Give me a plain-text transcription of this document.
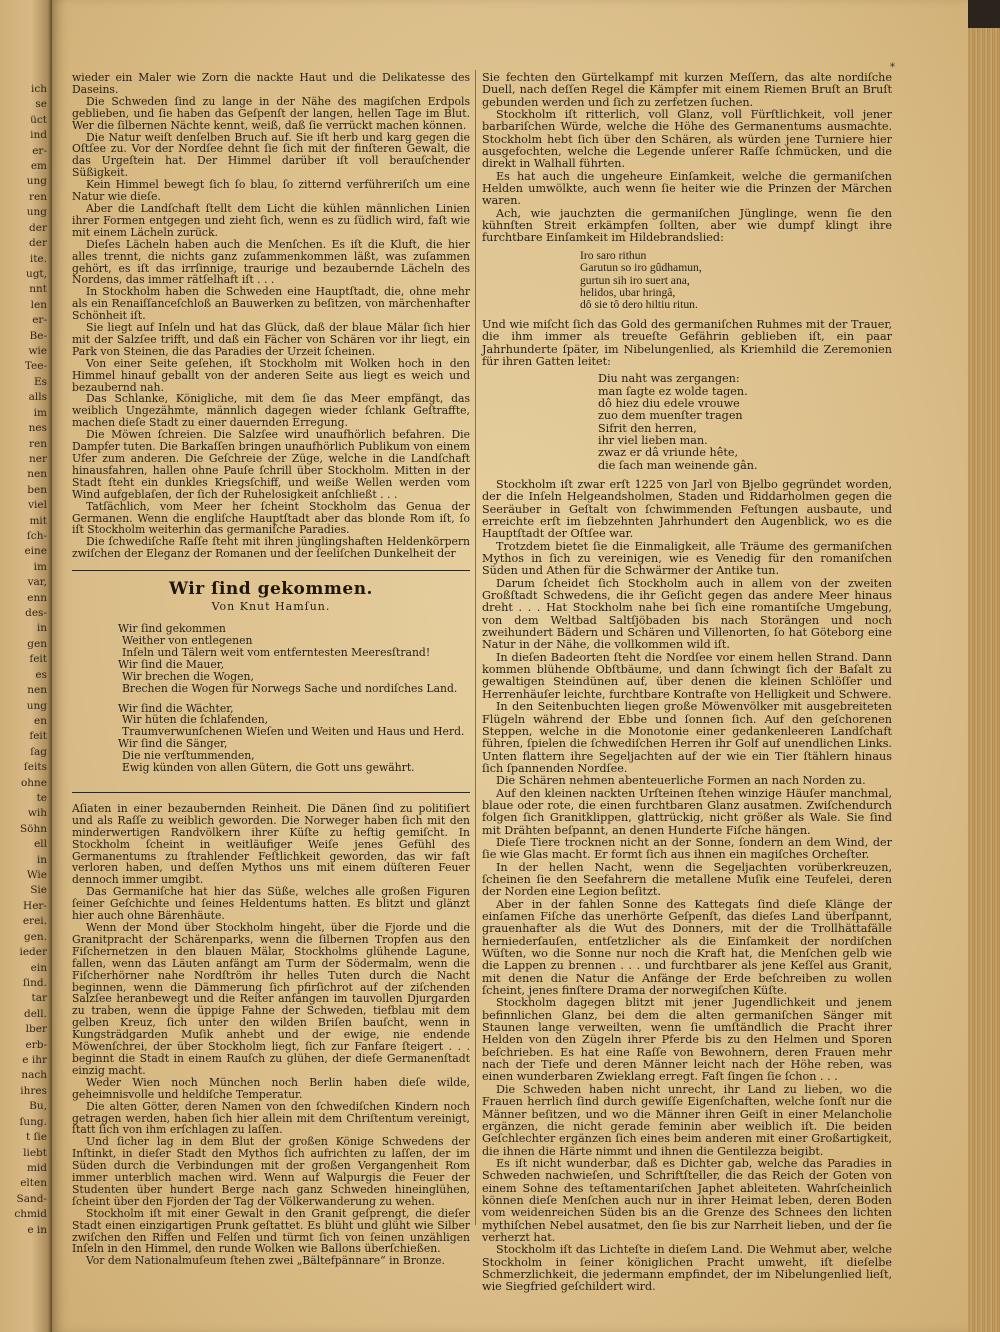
ich
se
üct
ind
er-
em
ung
ren
ung
der
der
ite.
ugt,
nnt
len
er-
Be-
wie
Tee-
Es
alls
im
nes
ren
ner
nen
ben
viel
mit
ſch-
eine
im
var,
enn
des-
in
gen
feit
es
nen
ung
en
feit
ſag
ſeits
ohne
te
wih
Söhn
ell
in
Wie
Sie
Her-
erei.
gen.
ieder
ein
ſind.
tar
dell.
lber
erb-
e ihr
nach
ihres
Bu,
ſung.
t ſie
liebt
mid
elten
Sand-
chmid
e in
*

wieder ein Maler wie Zorn die nackte Haut und die Delikatesse des Daseins.

Die Schweden ſind zu lange in der Nähe des magiſchen Erdpols geblieben, und ſie haben das Geſpenſt der langen, hellen Tage im Blut. Wer die ſilbernen Nächte kennt, weiß, daß ſie verrückt machen können.

Die Natur weiſt denſelben Bruch auf. Sie iſt herb und karg gegen die Oſtſee zu. Vor der Nordſee dehnt ſie ſich mit der finſteren Gewalt, die das Urgeſtein hat. Der Himmel darüber iſt voll berauſchender Süßigkeit.

Kein Himmel bewegt ſich ſo blau, ſo zitternd verführeriſch um eine Natur wie dieſe.

Aber die Landſchaft ſtellt dem Licht die kühlen männlichen Linien ihrer Formen entgegen und zieht ſich, wenn es zu ſüdlich wird, faſt wie mit einem Lächeln zurück.

Dieſes Lächeln haben auch die Menſchen. Es iſt die Kluft, die hier alles trennt, die nichts ganz zuſammenkommen läßt, was zuſammen gehört, es iſt das irrſinnige, traurige und bezaubernde Lächeln des Nordens, das immer rätſelhaft iſt . . .

In Stockholm haben die Schweden eine Hauptſtadt, die, ohne mehr als ein Renaiſſanceſchloß an Bauwerken zu beſitzen, von märchenhafter Schönheit iſt.

Sie liegt auf Inſeln und hat das Glück, daß der blaue Mälar ſich hier mit der Salzſee trifft, und daß ein Fächer von Schären vor ihr liegt, ein Park von Steinen, die das Paradies der Urzeit ſcheinen.

Von einer Seite geſehen, iſt Stockholm mit Wolken hoch in den Himmel hinauf geballt von der anderen Seite aus liegt es weich und bezaubernd nah.

Das Schlanke, Königliche, mit dem ſie das Meer empfängt, das weiblich Ungezähmte, männlich dagegen wieder ſchlank Geſtraffte, machen dieſe Stadt zu einer dauernden Erregung.

Die Möwen ſchreien. Die Salzſee wird unaufhörlich befahren. Die Dampfer tuten. Die Barkaſſen bringen unaufhörlich Publikum von einem Ufer zum anderen. Die Geſchreie der Züge, welche in die Landſchaft hinausfahren, hallen ohne Pauſe ſchrill über Stockholm. Mitten in der Stadt ſteht ein dunkles Kriegsſchiff, und weiße Wellen werden vom Wind aufgeblaſen, der ſich der Ruhelosigkeit anſchließt . . .

Tatſächlich, vom Meer her ſcheint Stockholm das Genua der Germanen. Wenn die engliſche Hauptſtadt aber das blonde Rom iſt, ſo iſt Stockholm weiterhin das germaniſche Paradies.

Die ſchwediſche Raſſe ſteht mit ihren jünglingshaften Heldenkörpern zwiſchen der Eleganz der Romanen und der ſeeliſchen Dunkelheit der

Wir ſind gekommen.
Von Knut Hamſun.
Wir ſind gekommen
Weither von entlegenen
Inſeln und Tälern weit vom entferntesten Meeresſtrand!
Wir ſind die Mauer,
Wir brechen die Wogen,
Brechen die Wogen für Norwegs Sache und nordiſches Land.
Wir ſind die Wächter,
Wir hüten die ſchlafenden,
Traumverwunſchenen Wieſen und Weiten und Haus und Herd.
Wir ſind die Sänger,
Die nie verſtummenden,
Ewig künden von allen Gütern, die Gott uns gewährt.

Aſiaten in einer bezaubernden Reinheit. Die Dänen ſind zu politiſiert und als Raſſe zu weiblich geworden. Die Norweger haben ſich mit den minderwertigen Randvölkern ihrer Küſte zu heftig gemiſcht. In Stockholm ſcheint in weitläufiger Weiſe jenes Gefühl des Germanentums zu ſtrahlender Feſtlichkeit geworden, das wir faſt verloren haben, und deſſen Mythos uns mit einem düſteren Feuer dennoch immer umgibt.

Das Germaniſche hat hier das Süße, welches alle großen Figuren ſeiner Geſchichte und ſeines Heldentums hatten. Es blitzt und glänzt hier auch ohne Bärenhäute.

Wenn der Mond über Stockholm hingeht, über die Fjorde und die Granitpracht der Schärenparks, wenn die ſilbernen Tropfen aus den Fiſchernetzen in den blauen Mälar, Stockholms glühende Lagune, fallen, wenn das Läuten anfängt am Turm der Södermalm, wenn die Fiſcherhörner nahe Nordſtröm ihr helles Tuten durch die Nacht beginnen, wenn die Dämmerung ſich pfirſichrot auf der ziſchenden Salzſee heranbewegt und die Reiter anfangen im tauvollen Djurgarden zu traben, wenn die üppige Fahne der Schweden, tiefblau mit dem gelben Kreuz, ſich unter den wilden Briſen bauſcht, wenn in Kungsträdgarden Muſik anhebt und der ewige, nie endende Möwenſchrei, der über Stockholm liegt, ſich zur Fanfare ſteigert . . . beginnt die Stadt in einem Rauſch zu glühen, der dieſe Germanenſtadt einzig macht.

Weder Wien noch München noch Berlin haben dieſe wilde, geheimnisvolle und heldiſche Temperatur.

Die alten Götter, deren Namen von den ſchwediſchen Kindern noch getragen werden, haben ſich hier allein mit dem Chriſtentum vereinigt, ſtatt ſich von ihm erſchlagen zu laſſen.

Und ſicher lag in dem Blut der großen Könige Schwedens der Inſtinkt, in dieſer Stadt den Mythos ſich aufrichten zu laſſen, der im Süden durch die Verbindungen mit der großen Vergangenheit Rom immer unterblich machen wird. Wenn auf Walpurgis die Feuer der Studenten über hundert Berge nach ganz Schweden hineinglühen, ſcheint über den Fjorden der Tag der Völkerwanderung zu wehen.

Stockholm iſt mit einer Gewalt in den Granit geſprengt, die dieſer Stadt einen einzigartigen Prunk geſtattet. Es blüht und glüht wie Silber zwiſchen den Riffen und Felſen und türmt ſich von ſeinen unzähligen Inſeln in den Himmel, den runde Wolken wie Ballons überſchießen.

Vor dem Nationalmuſeum ſtehen zwei „Bältefpännare“ in Bronze.

Sie fechten den Gürtelkampf mit kurzen Meſſern, das alte nordiſche Duell, nach deſſen Regel die Kämpfer mit einem Riemen Bruſt an Bruſt gebunden werden und ſich zu zerfetzen ſuchen.

Stockholm iſt ritterlich, voll Glanz, voll Fürſtlichkeit, voll jener barbariſchen Würde, welche die Höhe des Germanentums ausmachte. Stockholm hebt ſich über den Schären, als würden jene Turniere hier ausgefochten, welche die Legende unſerer Raſſe ſchmücken, und die direkt in Walhall führten.

Es hat auch die ungeheure Einſamkeit, welche die germaniſchen Helden umwölkte, auch wenn ſie heiter wie die Prinzen der Märchen waren.

Ach, wie jauchzten die germaniſchen Jünglinge, wenn ſie den kühnſten Streit erkämpfen ſollten, aber wie dumpf klingt ihre furchtbare Einſamkeit im Hildebrandslied:

Iro saro rithun
Garutun so iro gûdhamun,
gurtun sih iro suert ana,
helidos, ubar hringâ,
dô sie tô dero hiltiu ritun.

Und wie miſcht ſich das Gold des germaniſchen Ruhmes mit der Trauer, die ihm immer als treueſte Gefährin geblieben iſt, ein paar Jahrhunderte ſpäter, im Nibelungenlied, als Kriemhild die Zeremonien für ihren Gatten leitet:

Diu naht was zergangen:
man ſagte ez wolde tagen.
dô hiez diu edele vrouwe
zuo dem muenſter tragen
Sifrit den herren,
ihr viel lieben man.
zwaz er dâ vriunde hête,
die ſach man weinende gân.

Stockholm iſt zwar erſt 1225 von Jarl von Bjelbo gegründet worden, der die Inſeln Helgeandsholmen, Staden und Riddarholmen gegen die Seeräuber in Geſtalt von ſchwimmenden Feſtungen ausbaute, und erreichte erſt im ſiebzehnten Jahrhundert den Augenblick, wo es die Hauptſtadt der Oſtſee war.

Trotzdem bietet ſie die Einmaligkeit, alle Träume des germaniſchen Mythos in ſich zu vereinigen, wie es Venedig für den romaniſchen Süden und Athen für die Schwärmer der Antike tun.

Darum ſcheidet ſich Stockholm auch in allem von der zweiten Großſtadt Schwedens, die ihr Geſicht gegen das andere Meer hinaus dreht . . . Hat Stockholm nahe bei ſich eine romantiſche Umgebung, von dem Weltbad Saltſjöbaden bis nach Storängen und noch zweihundert Bädern und Schären und Villenorten, ſo hat Göteborg eine Natur in der Nähe, die vollkommen wild iſt.

In dieſen Badeorten ſteht die Nordſee vor einem hellen Strand. Dann kommen blühende Obſtbäume, und dann ſchwingt ſich der Baſalt zu gewaltigen Steindünen auf, über denen die kleinen Schlöſſer und Herrenhäuſer leichte, furchtbare Kontraſte von Helligkeit und Schwere.

In den Seitenbuchten liegen große Möwenvölker mit ausgebreiteten Flügeln während der Ebbe und ſonnen ſich. Auf den geſchorenen Steppen, welche in die Monotonie einer gedankenleeren Landſchaft führen, ſpielen die ſchwediſchen Herren ihr Golf auf unendlichen Links. Unten flattern ihre Segeljachten auf der wie ein Tier ſtählern hinaus ſich ſpannenden Nordſee.

Die Schären nehmen abenteuerliche Formen an nach Norden zu.

Auf den kleinen nackten Urſteinen ſtehen winzige Häuſer manchmal, blaue oder rote, die einen furchtbaren Glanz ausatmen. Zwiſchendurch folgen ſich Granitklippen, glattrückig, nicht größer als Wale. Sie ſind mit Drähten beſpannt, an denen Hunderte Fiſche hängen.

Dieſe Tiere trocknen nicht an der Sonne, ſondern an dem Wind, der ſie wie Glas macht. Er formt ſich aus ihnen ein magiſches Orcheſter.

In der hellen Nacht, wenn die Segeljachten vorüberkreuzen, ſcheinen ſie den Seefahrern die metallene Muſik eine Teufelei, deren der Norden eine Legion beſitzt.

Aber in der fahlen Sonne des Kattegats ſind dieſe Klänge der einſamen Fiſche das unerhörte Geſpenſt, das dieſes Land überſpannt, grauenhafter als die Wut des Donners, mit der die Trollhättafälle herniederſauſen, entſetzlicher als die Einſamkeit der nordiſchen Wüſten, wo die Sonne nur noch die Kraft hat, die Menſchen gelb wie die Lappen zu brennen . . . und furchtbarer als jene Keſſel aus Granit, mit denen die Natur die Anfänge der Erde beſchreiben zu wollen ſcheint, jenes finſtere Drama der norwegiſchen Küſte.

Stockholm dagegen blitzt mit jener Jugendlichkeit und jenem befinnlichen Glanz, bei dem die alten germaniſchen Sänger mit Staunen lange verweilten, wenn ſie umſtändlich die Pracht ihrer Helden von den Zügeln ihrer Pferde bis zu den Helmen und Sporen beſchrieben. Es hat eine Raſſe von Bewohnern, deren Frauen mehr nach der Tiefe und deren Männer leicht nach der Höhe reben, was einen wunderbaren Zwieklang erregt. Faſt ſingen ſie ſchon . . .

Die Schweden haben nicht unrecht, ihr Land zu lieben, wo die Frauen herrlich ſind durch gewiſſe Eigenſchaften, welche ſonſt nur die Männer beſitzen, und wo die Männer ihren Geiſt in einer Melancholie ergänzen, die nicht gerade feminin aber weiblich iſt. Die beiden Geſchlechter ergänzen ſich eines beim anderen mit einer Großartigkeit, die ihnen die Härte nimmt und ihnen die Gentilezza beigibt.

Es iſt nicht wunderbar, daß es Dichter gab, welche das Paradies in Schweden nachwieſen, und Schriftſteller, die das Reich der Goten von einem Sohne des teſtamentariſchen Japhet ableiteten. Wahrſcheinlich können dieſe Menſchen auch nur in ihrer Heimat leben, deren Boden vom weidenreichen Süden bis an die Grenze des Schnees den lichten mythiſchen Nebel ausatmet, den ſie bis zur Narrheit lieben, und der ſie verherzt hat.

Stockholm iſt das Lichteſte in dieſem Land. Die Wehmut aber, welche Stockholm in ſeiner königlichen Pracht umweht, iſt dieſelbe Schmerzlichkeit, die jedermann empfindet, der im Nibelungenlied lieſt, wie Siegfried geſchildert wird.
